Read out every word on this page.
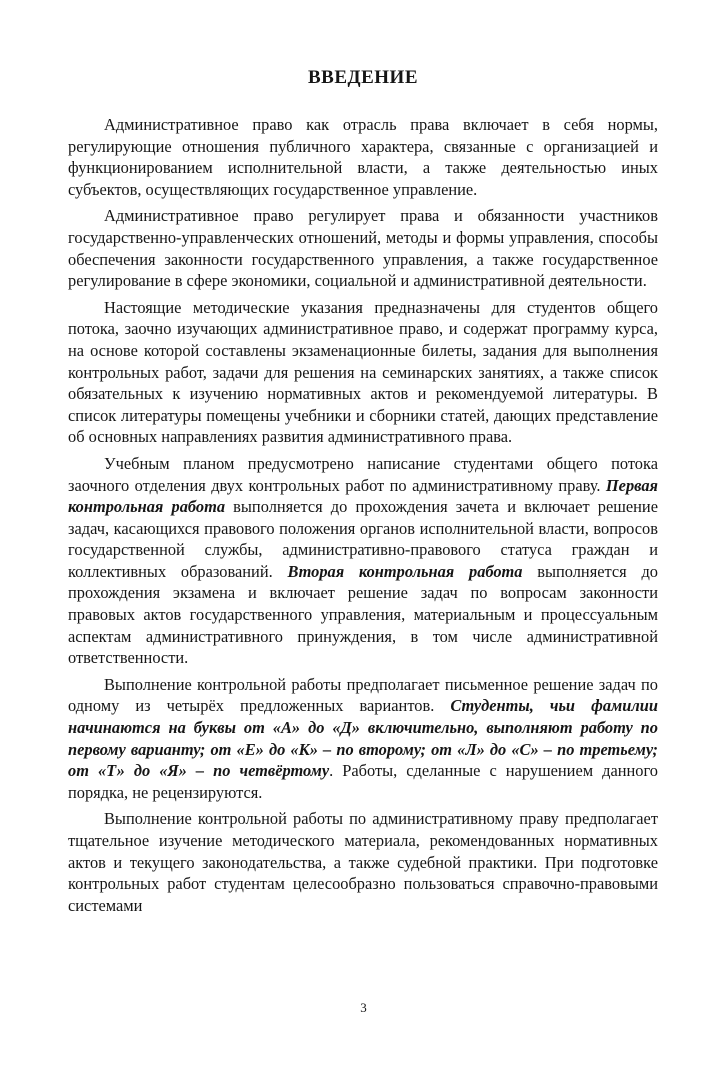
ВВЕДЕНИЕ

Административное право как отрасль права включает в себя нормы, регулирующие отношения публичного характера, связанные с организацией и функционированием исполнительной власти, а также деятельностью иных субъектов, осуществляющих государственное управление.

Административное право регулирует права и обязанности участников государственно-управленческих отношений, методы и формы управления, способы обеспечения законности государственного управления, а также государственное регулирование в сфере экономики, социальной и административной деятельности.

Настоящие методические указания предназначены для студентов общего потока, заочно изучающих административное право, и содержат программу курса, на основе которой составлены экзаменационные билеты, задания для выполнения контрольных работ, задачи для решения на семинарских занятиях, а также список обязательных к изучению нормативных актов и рекомендуемой литературы. В список литературы помещены учебники и сборники статей, дающих представление об основных направлениях развития административного права.

Учебным планом предусмотрено написание студентами общего потока заочного отделения двух контрольных работ по административному праву. Первая контрольная работа выполняется до прохождения зачета и включает решение задач, касающихся правового положения органов исполнительной власти, вопросов государственной службы, административно-правового статуса граждан и коллективных образований. Вторая контрольная работа выполняется до прохождения экзамена и включает решение задач по вопросам законности правовых актов государственного управления, материальным и процессуальным аспектам административного принуждения, в том числе административной ответственности.

Выполнение контрольной работы предполагает письменное решение задач по одному из четырёх предложенных вариантов. Студенты, чьи фамилии начинаются на буквы от «А» до «Д» включительно, выполняют работу по первому варианту; от «Е» до «К» – по второму; от «Л» до «С» – по третьему; от «Т» до «Я» – по четвёртому. Работы, сделанные с нарушением данного порядка, не рецензируются.

Выполнение контрольной работы по административному праву предполагает тщательное изучение методического материала, рекомендованных нормативных актов и текущего законодательства, а также судебной практики. При подготовке контрольных работ студентам целесообразно пользоваться справочно-правовыми системами

3
